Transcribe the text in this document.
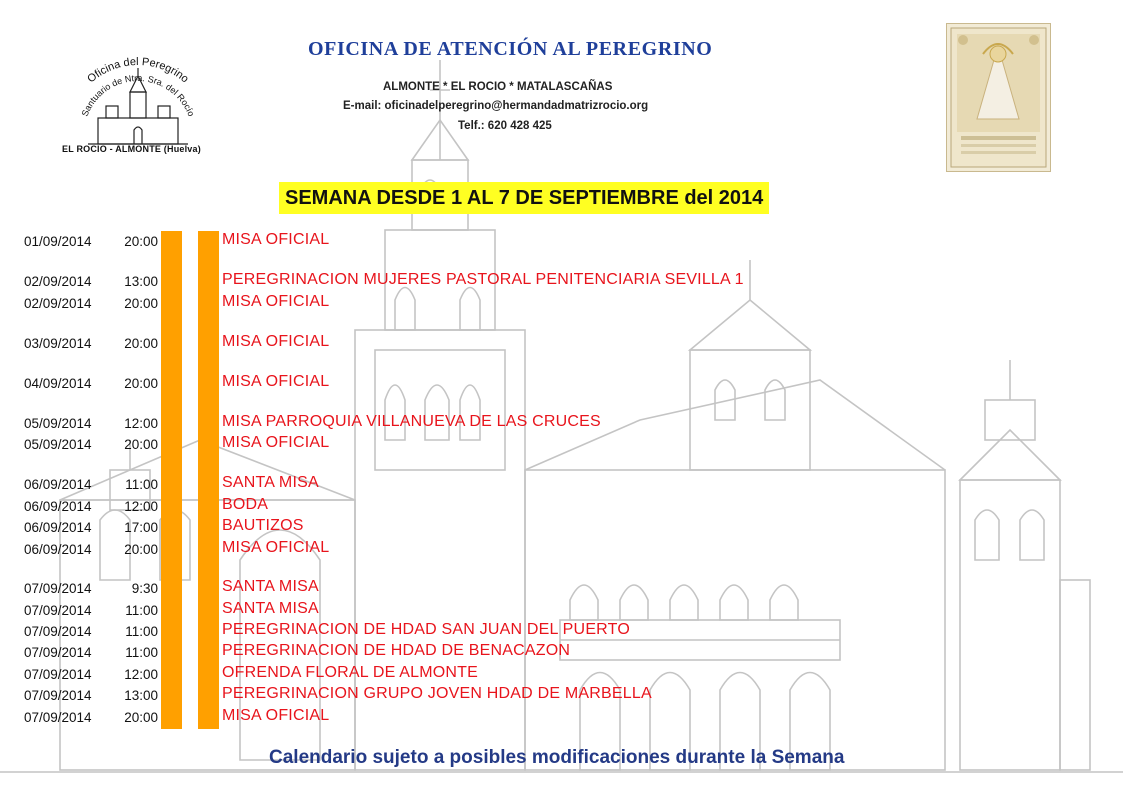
Oficina del Peregrino
Santuario de Ntra. Sra. del Rocío
EL ROCIO - ALMONTE (Huelva)
OFICINA DE ATENCIÓN AL PEREGRINO
ALMONTE * EL ROCIO * MATALASCAÑAS
E-mail: oficinadelperegrino@hermandadmatrizrocio.org
Telf.: 620 428 425
SEMANA DESDE 1 AL 7 DE SEPTIEMBRE del 2014
01/09/2014	20:00	MISA OFICIAL
02/09/2014	13:00	PEREGRINACION MUJERES PASTORAL PENITENCIARIA SEVILLA 1
02/09/2014	20:00	MISA OFICIAL
03/09/2014	20:00	MISA OFICIAL
04/09/2014	20:00	MISA OFICIAL
05/09/2014	12:00	MISA PARROQUIA VILLANUEVA DE LAS CRUCES
05/09/2014	20:00	MISA OFICIAL
06/09/2014	11:00	SANTA MISA
06/09/2014	12:00	BODA
06/09/2014	17:00	BAUTIZOS
06/09/2014	20:00	MISA OFICIAL
07/09/2014	9:30	SANTA MISA
07/09/2014	11:00	SANTA MISA
07/09/2014	11:00	PEREGRINACION DE HDAD SAN JUAN DEL PUERTO
07/09/2014	11:00	PEREGRINACION DE HDAD DE BENACAZON
07/09/2014	12:00	OFRENDA FLORAL DE ALMONTE
07/09/2014	13:00	PEREGRINACION GRUPO JOVEN HDAD DE MARBELLA
07/09/2014	20:00	MISA OFICIAL
Calendario sujeto a posibles modificaciones durante la Semana
